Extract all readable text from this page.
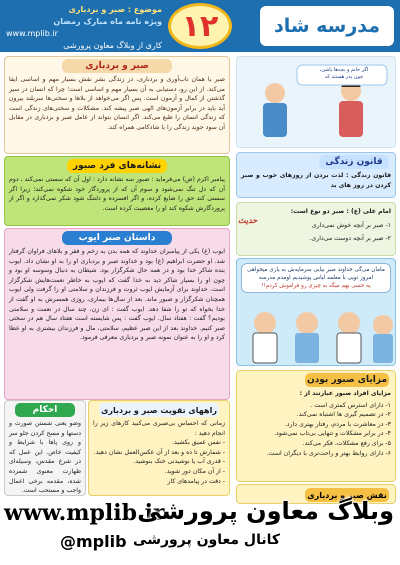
مدرسه شاد
۱۲
موضوع : صبر و بردباری
ویژه نامه ماه مبارک رمضان
www.mplib.ir
کاری از وبلاگ معاون پرورشی
صبر و بردباری
صبر یا همان تاب‌آوری و بردباری، در زندگی بشر نقش بسیار مهم و اساسی ایفا می‌کند. از این رو، دستیابی به آن بسیار مهم و اساسی است؛ چرا که انسان در سیر گذشتن از کمال و آزمون است. پس اگر می‌خواهد از بلاها و سختی‌ها سربلند بیرون آید باید در برابر آزمون‌های الهی صبر پیشه کند. مشکلات و سختی‌های زندگی است که زندگی انسان را طبع می‌کند. اگر انسان بتواند از عامل صبر و بردباری در مقابل آن سود جوید زندگی را با شادکامی همراه کند.
اگر خانم و بچه‌ها باشن،
چون پدر هستند که
نشانه‌های فرد صبور
پیامبر اکرم (ص) می‌فرماید : صبور سه نشانه دارد : اول آن که سستی نمی‌کند ، دوم آن که دل تنگ نمی‌شود و سوم آن که از پروردگار خود شکوه نمی‌کند؛ زیرا اگر سستی کند حق را ضایع کرده، و اگر افسرده و دلتنگ شود شکر نمی‌گذارد و اگر از پروردگارش شکوه کند او را معصیت کرده است.
قانون زندگی
قانون زندگی : لذت بردن از روزهای خوب و صبر کردن در روز های بد
امام علی (ع) : صبر دو نوع است:
۱- صبر بر آنچه خوش نمی‌داری
۲- صبر بر آنچه دوست می‌داری.
حدیث
داستان صبر ایوب
ایوب (ع) یکی از پیامبران خداوند که همه بدن به زخم و فقر و بلاهای فراوان گرفتار شد. او حضرت ابراهیم (ع) بود و خداوند صبر و بردباری او را به او نشان داد. ایوب بنده شاکر خدا بود و در همه حال شکرگزار بود. شیطان به دنبال وسوسه او بود و چون او را بسیار شاکر دید به خدا گفت که ایوب به خاطر نعمت‌هایش شکرگزار است. خداوند برای آزمایش ایوب ثروت و فرزندان و سلامتی او را گرفت ولی ایوب همچنان شکرگزار و صبور ماند. بعد از سال‌ها بیماری، روزی همسرش به او گفت از خدا بخواه که تو را شفا دهد. ایوب گفت : ای زن، چند سال در نعمت و سلامتی بودیم؟ گفت : هفتاد سال. ایوب گفت : پس شایسته است هفتاد سال هم در سختی صبر کنیم. خداوند بعد از این صبر عظیم، سلامتی، مال و فرزندان بیشتری به او عطا کرد و او را به عنوان نمونه صبر و بردباری معرفی فرمود.
مامان می‌گی خداوند صبر بیایی سرمایه‌ش به یاری میخواهی
امروز تویی با معلمه لباس پوشیدیم اومدم مدرسه
یه حسی بهم میگه به چیزی رو فراموش کردم!!
مزایای صبور بودن
مزایای افراد صبور عبارتند از :
۱- دارای استرس کمتری است .
۲- در تصمیم گیری ها اشتباه نمی‌کند.
۳- در معاشرت با مردم، رفتار بهتری دارد.
۴- در برابر مشکلات و تنهایی بی‌تاب نمی‌شود.
۵- برای رفع مشکلات، فکر می‌کند.
۶- دارای روابط بهتر و راحت‌تری با دیگران است.
راههای تقویت صبر و بردباری
زمانی که احساس بی‌صبری می‌کنید کارهای زیر را انجام دهید :
- نفس عمیق بکشید.
- شمارش تا ده و بعد از آن عکس‌العمل نشان دهید.
- قدری آب یا نوشیدنی خنک بنوشید.
- از آن مکان دور شوید.
- دقت در پیامدهای کار
احکام
وضو یعنی شستن صورت و دستها و مسح کردن جلو سر و روی پاها با شرایط و کیفیت خاص. این عمل که در شرع مقدس، وسیله‌ای طهارت معنوی شمرده شده، مقدمه برخی اعمال واجب و مستحب است.	نقش صبر و بردباری
www.mplib.ir
وبلاگ معاون پرورشی
کانال معاون پرورشی
@mplib
